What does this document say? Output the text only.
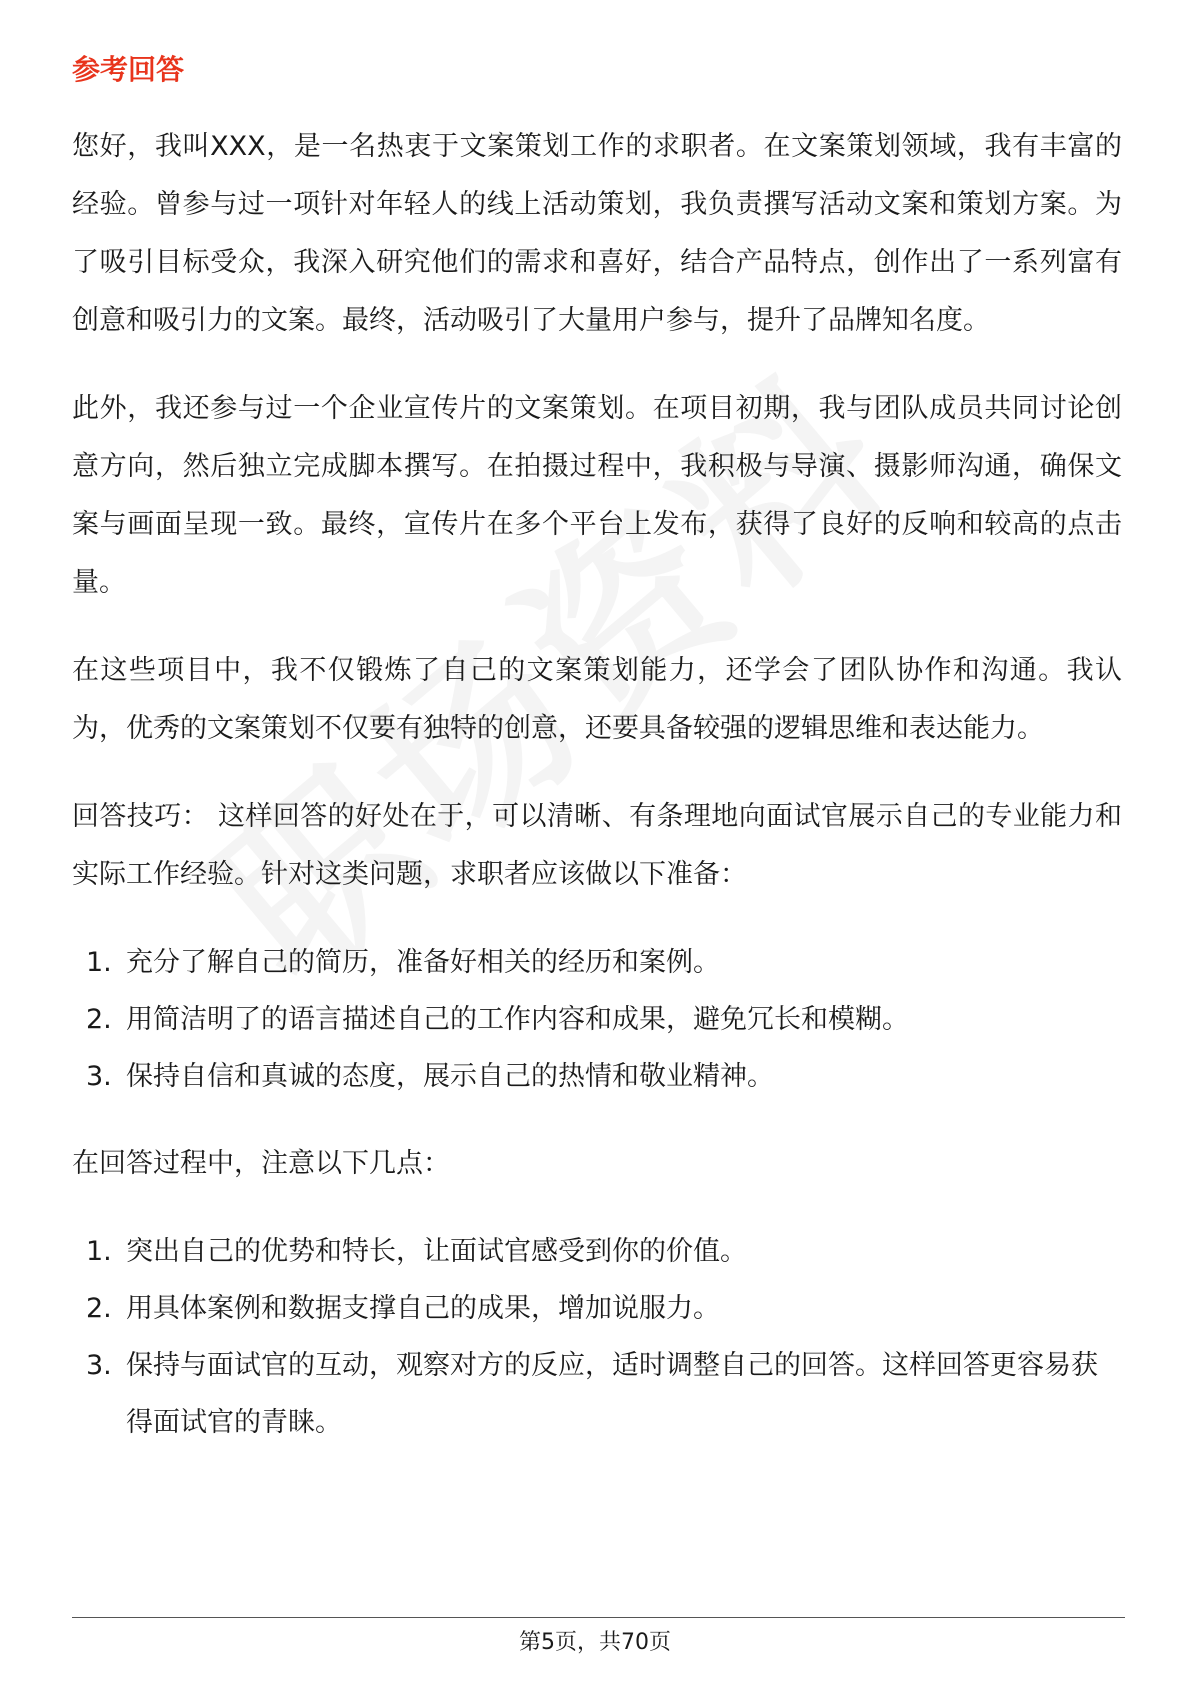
参考回答

您好，我叫XXX，是一名热衷于文案策划工作的求职者。在文案策划领域，我有丰富的经验。曾参与过一项针对年轻人的线上活动策划，我负责撰写活动文案和策划方案。为了吸引目标受众，我深入研究他们的需求和喜好，结合产品特点，创作出了一系列富有创意和吸引力的文案。最终，活动吸引了大量用户参与，提升了品牌知名度。

此外，我还参与过一个企业宣传片的文案策划。在项目初期，我与团队成员共同讨论创意方向，然后独立完成脚本撰写。在拍摄过程中，我积极与导演、摄影师沟通，确保文案与画面呈现一致。最终，宣传片在多个平台上发布，获得了良好的反响和较高的点击量。

在这些项目中，我不仅锻炼了自己的文案策划能力，还学会了团队协作和沟通。我认为，优秀的文案策划不仅要有独特的创意，还要具备较强的逻辑思维和表达能力。

回答技巧： 这样回答的好处在于，可以清晰、有条理地向面试官展示自己的专业能力和实际工作经验。针对这类问题，求职者应该做以下准备：

1. 充分了解自己的简历，准备好相关的经历和案例。
2. 用简洁明了的语言描述自己的工作内容和成果，避免冗长和模糊。
3. 保持自信和真诚的态度，展示自己的热情和敬业精神。

在回答过程中，注意以下几点：

1. 突出自己的优势和特长，让面试官感受到你的价值。
2. 用具体案例和数据支撑自己的成果，增加说服力。
3. 保持与面试官的互动，观察对方的反应，适时调整自己的回答。这样回答更容易获得面试官的青睐。
第5页，共70页
